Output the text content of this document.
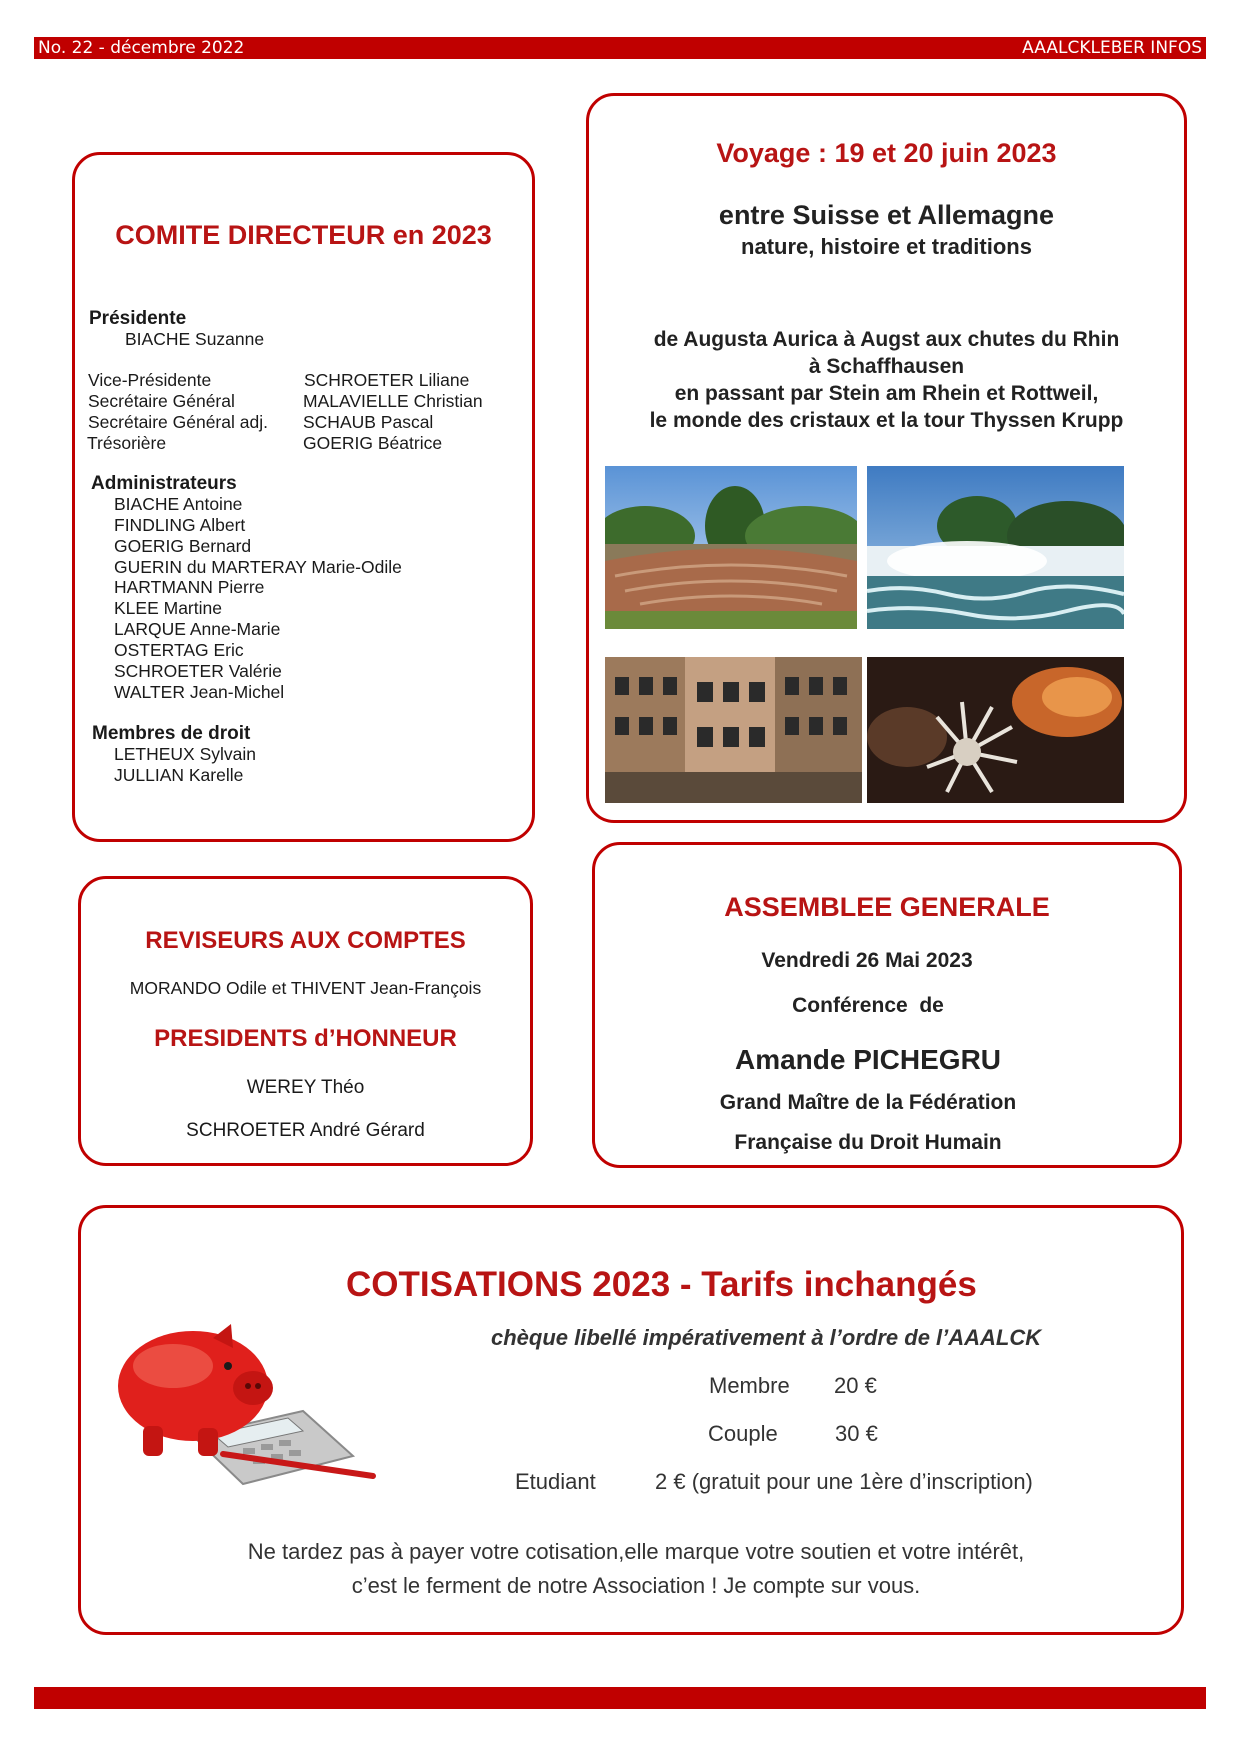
No. 22 - décembre 2022	AAALCKLEBER INFOS
COMITE DIRECTEUR en 2023
Présidente
BIACHE Suzanne
Vice-Présidente	SCHROETER Liliane
Secrétaire Général	MALAVIELLE Christian
Secrétaire Général adj. SCHAUB Pascal
Trésorière	GOERIG Béatrice
Administrateurs
BIACHE Antoine
FINDLING Albert
GOERIG Bernard
GUERIN du MARTERAY Marie-Odile
HARTMANN Pierre
KLEE Martine
LARQUE Anne-Marie
OSTERTAG Eric
SCHROETER Valérie
WALTER Jean-Michel
Membres de droit
LETHEUX Sylvain
JULLIAN Karelle
Voyage : 19 et 20 juin 2023
entre Suisse et Allemagne
nature, histoire et traditions
de Augusta Aurica à Augst aux chutes du Rhin
à Schaffhausen
en passant par Stein am Rhein et Rottweil,
le monde des cristaux et la tour Thyssen Krupp
REVISEURS AUX COMPTES
MORANDO Odile et THIVENT Jean-François
PRESIDENTS d’HONNEUR
WEREY Théo
SCHROETER André Gérard
ASSEMBLEE GENERALE
Vendredi 26 Mai 2023
Conférence  de
Amande PICHEGRU
Grand Maître de la Fédération
Française du Droit Humain
COTISATIONS 2023 - Tarifs inchangés
chèque libellé impérativement à l’ordre de l’AAALCK
Membre 20 €
Couple	30 €
Etudiant	2 € (gratuit pour une 1ère d’inscription)
Ne tardez pas à payer votre cotisation,elle marque votre soutien et votre intérêt,
c’est le ferment de notre Association ! Je compte sur vous.
